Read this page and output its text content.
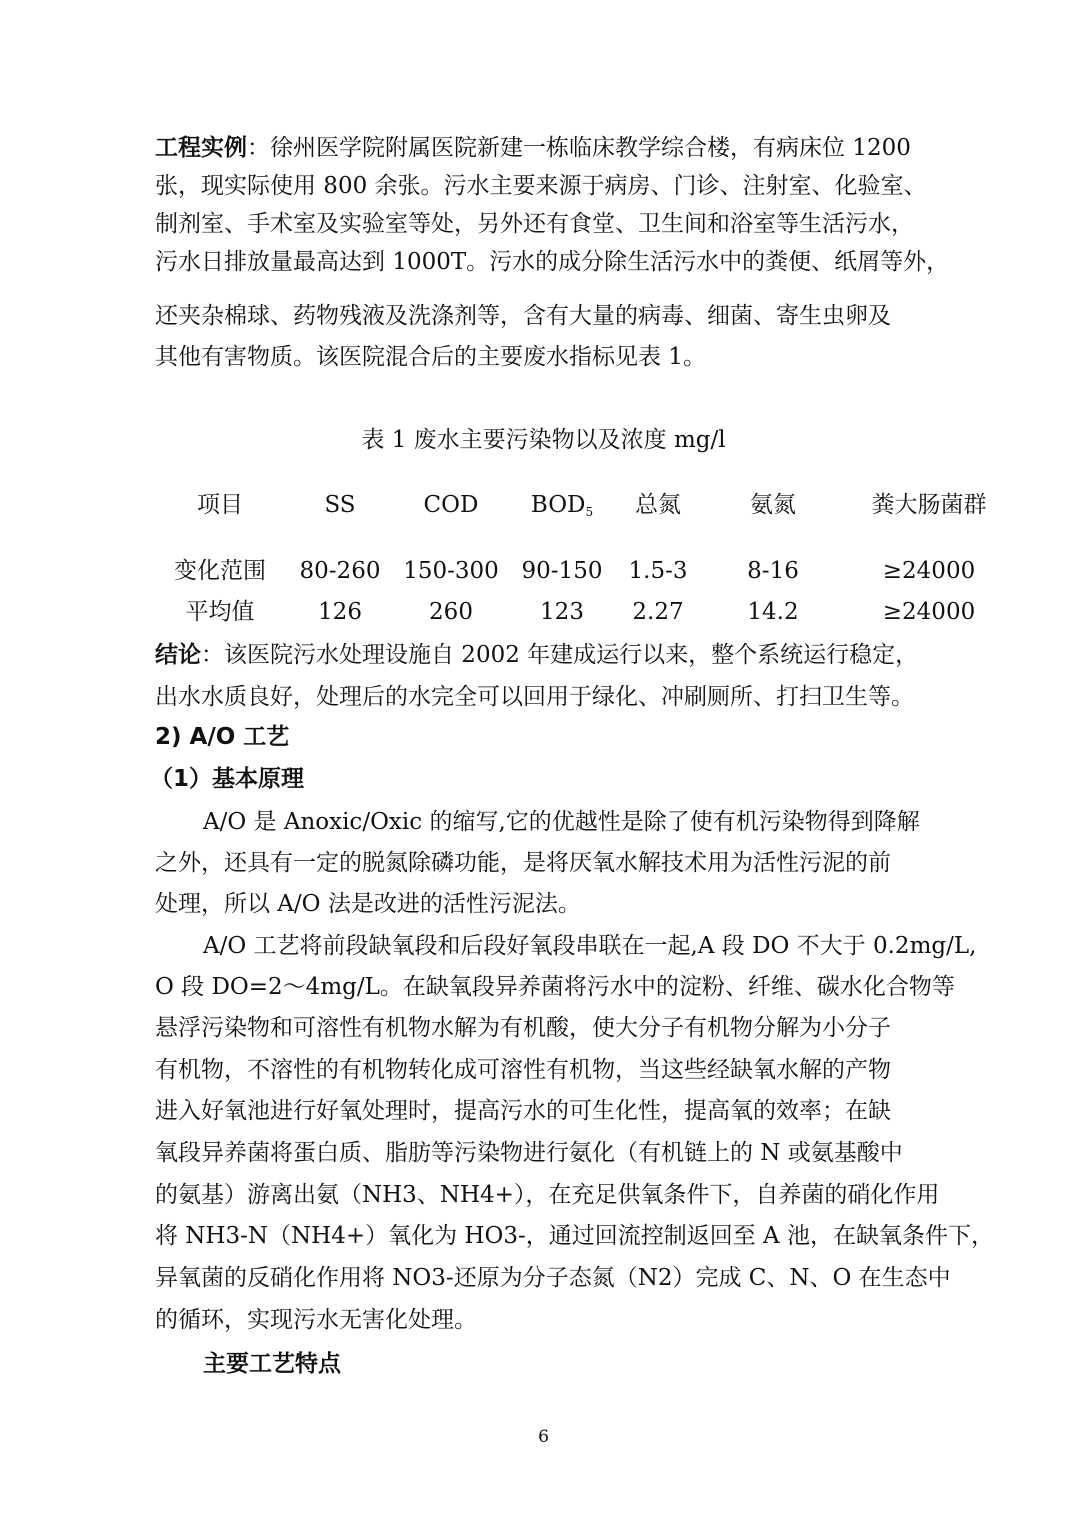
工程实例：徐州医学院附属医院新建一栋临床教学综合楼，有病床位 1200
张，现实际使用 800 余张。污水主要来源于病房、门诊、注射室、化验室、
制剂室、手术室及实验室等处，另外还有食堂、卫生间和浴室等生活污水，
污水日排放量最高达到 1000T。污水的成分除生活污水中的粪便、纸屑等外，
还夹杂棉球、药物残液及洗涤剂等，含有大量的病毒、细菌、寄生虫卵及
其他有害物质。该医院混合后的主要废水指标见表 1。
表 1 废水主要污染物以及浓度 mg/l
项目	SS	COD $BOD_5$ 总氮	氨氮	粪大肠菌群
变化范围 80-260 150-300 90-150 1.5-3	8-16	≥24000
平均值	126	260	123 2.27	14.2	≥24000
结论：该医院污水处理设施自 2002 年建成运行以来，整个系统运行稳定，
出水水质良好，处理后的水完全可以回用于绿化、冲刷厕所、打扫卫生等。
2) A/O 工艺
（1）基本原理
A/O 是 Anoxic/Oxic 的缩写,它的优越性是除了使有机污染物得到降解
之外，还具有一定的脱氮除磷功能，是将厌氧水解技术用为活性污泥的前
处理，所以 A/O 法是改进的活性污泥法。
A/O 工艺将前段缺氧段和后段好氧段串联在一起,A 段 DO 不大于 0.2mg/L,
O 段 DO=2～4mg/L。在缺氧段异养菌将污水中的淀粉、纤维、碳水化合物等
悬浮污染物和可溶性有机物水解为有机酸，使大分子有机物分解为小分子
有机物，不溶性的有机物转化成可溶性有机物，当这些经缺氧水解的产物
进入好氧池进行好氧处理时，提高污水的可生化性，提高氧的效率；在缺
氧段异养菌将蛋白质、脂肪等污染物进行氨化（有机链上的 N 或氨基酸中
的氨基）游离出氨（NH3、NH4+），在充足供氧条件下，自养菌的硝化作用
将 NH3-N（NH4+）氧化为 HO3-，通过回流控制返回至 A 池，在缺氧条件下，
异氧菌的反硝化作用将 NO3-还原为分子态氮（N2）完成 C、N、O 在生态中
的循环，实现污水无害化处理。
主要工艺特点
6
